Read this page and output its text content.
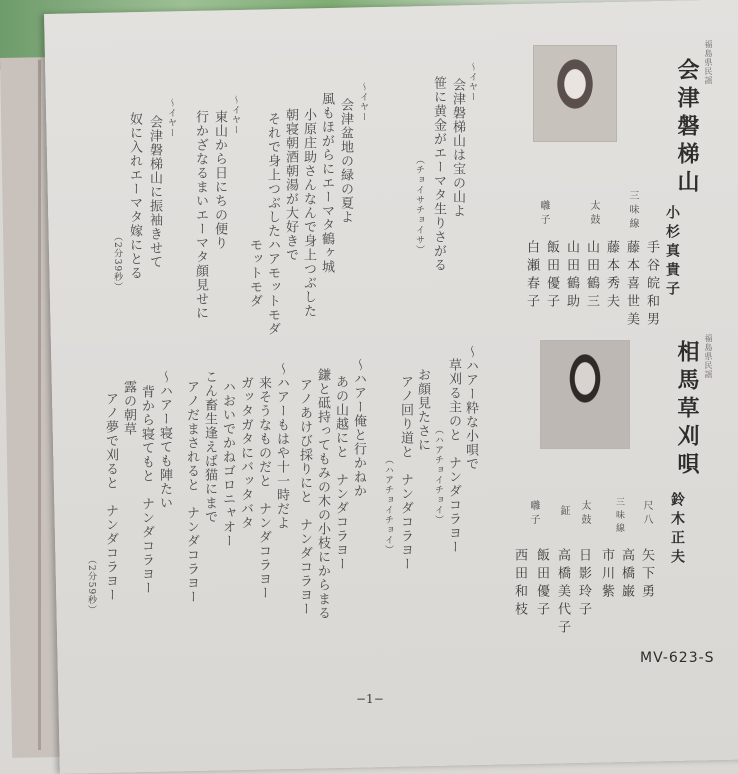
福島県民謡
会津磐梯山
小杉真貴子
三味線
手谷皖和男
藤本喜世美
藤本秀夫
太鼓
山田鶴三
山田鶴助
囃子
飯田優子
白瀬春子
〜イヤー
会津磐梯山は宝の山よ
笹に黄金がエーマタ生りさがる
（チョイサチョイサ）
〜イヤー
会津盆地の緑の夏よ
風もほがらにエーマタ鶴ヶ城
小原庄助さんなんで身上つぶした
朝寝朝酒朝湯が大好きで
それで身上つぶしたハアモットモダ
モットモダ
〜イヤー
東山から日にちの便り
行かざなるまいエーマタ顔見せに
〜イヤー
会津磐梯山に振袖きせて
奴に入れエーマタ嫁にとる
（2分39秒）
福島県民謡
相馬草刈唄
鈴木正夫
尺八
矢下勇
三味線
高橋巌
市川紫
太鼓
日影玲子
鉦
高橋美代子
囃子
飯田優子
西田和枝
〜ハアー粋な小唄で
草刈る主のと　ナンダコラヨー
（ハアチョイチョイ）
お顔見たさに
アノ回り道と　ナンダコラヨー
（ハアチョイチョイ）
〜ハアー俺と行かねか
あの山越にと　ナンダコラヨー
鎌と砥持ってもみの木の小枝にからまる
アノあけび採りにと　ナンダコラヨー
〜ハアーもはや十一時だよ
来そうなものだと　ナンダコラヨー
ガッタガタにバッタバタ
ハおいでかねゴロニャオー
こん畜生逢えば猫にまで
アノだまされると　ナンダコラヨー
〜ハアー寝ても陣たい
背から寝てもと　ナンダコラヨー
露の朝草
アノ夢で刈ると　ナンダコラヨー
（2分59秒）
MV-623-S
−1−
